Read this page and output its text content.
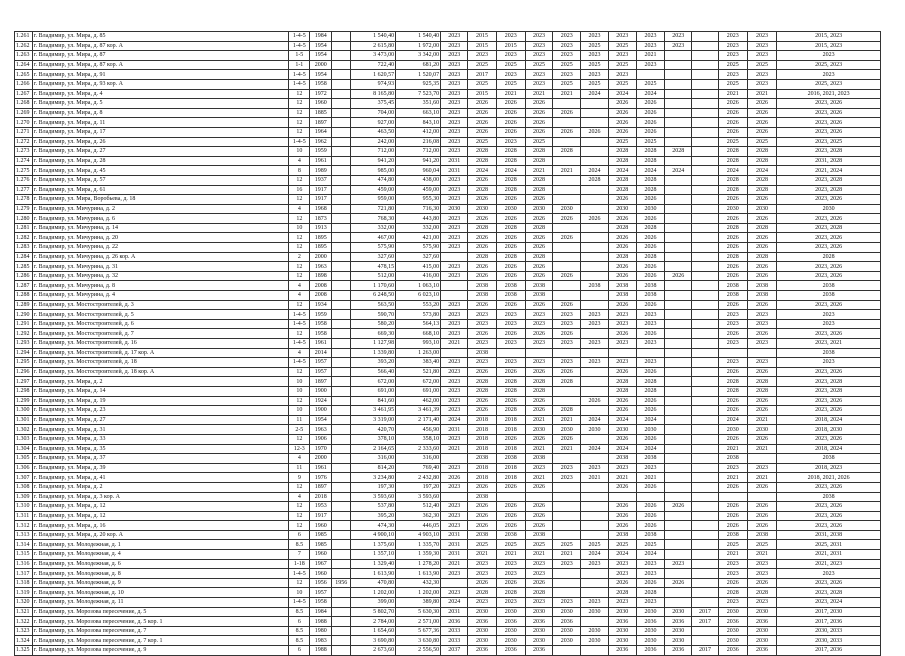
1.261	г. Владимир, ул. Мира, д. 85	1-4-5	1984		1 540,40	1 540,40	2023	2015	2023	2023	2023	2023	2023	2023	2023		2023	2023	2015, 2023
1.262	г. Владимир, ул. Мира, д. 87 кор. А	1-4-5	1954		2 615,80	1 972,00	2023	2015	2015	2023	2023	2025	2025	2023	2023		2023	2023	2015, 2023
1.263	г. Владимир, ул. Мира, д. 87	1-5	1954		3 473,00	3 342,00	2023	2023	2023	2023	2023	2023	2023	2021			2023	2023	2023
1.264	г. Владимир, ул. Мира, д. 87 кор. А	1-1	2000		722,40	681,20	2023	2025	2025	2025	2025	2025	2025	2023			2025	2025	2025, 2023
1.265	г. Владимир, ул. Мира, д. 91	1-4-5	1954		1 620,57	1 520,07	2023	2017	2023	2023	2023	2023	2023				2023	2023	2023
1.266	г. Владимир, ул. Мира, д. 93 кор. А	1-4-5	1958		974,93	925,35	2023	2025	2025	2023	2025	2025	2025	2025			2025	2023	2025, 2023
1.267	г. Владимир, ул. Мира, д. 4	12	1972		8 165,80	7 523,70	2023	2015	2021	2021	2021	2024	2024	2024			2021	2021	2016, 2021, 2023
1.268	г. Владимир, ул. Мира, д. 5	12	1960		375,45	351,60	2023	2026	2026	2026			2026	2026			2026	2026	2023, 2026
1.269	г. Владимир, ул. Мира, д. 8	12	1885		704,00	663,10	2023	2026	2026	2026	2026		2026	2026			2026	2026	2023, 2026
1.270	г. Владимир, ул. Мира, д. 11	12	1897		927,00	843,10	2023	2026	2026	2026			2026	2026			2026	2026	2023, 2026
1.271	г. Владимир, ул. Мира, д. 17	12	1964		463,50	412,00	2023	2026	2026	2026	2026	2026	2026	2026			2026	2026	2023, 2026
1.272	г. Владимир, ул. Мира, д. 26	1-4-5	1962		242,00	216,08	2023	2025	2023	2025			2025	2025			2025	2025	2023, 2025
1.273	г. Владимир, ул. Мира, д. 27	10	1959		712,00	712,00	2023	2028	2028	2028	2028		2028	2028	2028		2028	2028	2023, 2028
1.274	г. Владимир, ул. Мира, д. 28	4	1961		941,20	941,20	2031	2028	2028	2028			2028	2028			2028	2028	2031, 2028
1.275	г. Владимир, ул. Мира, д. 45	8	1989		985,00	960,04	2031	2024	2024	2021	2021	2024	2024	2024	2024		2024	2024	2021, 2024
1.276	г. Владимир, ул. Мира, д. 57	12	1937		474,80	438,00	2023	2026	2028	2028		2028	2028	2028			2028	2028	2023, 2028
1.277	г. Владимир, ул. Мира, д. 61	16	1917		459,00	459,00	2023	2028	2028	2028			2028	2028			2028	2028	2023, 2028
1.278	г. Владимир, ул. Мира, Воробьева, д. 18	12	1917		959,00	955,30	2023	2026	2026	2026			2026	2026			2026	2026	2023, 2026
1.279	г. Владимир, ул. Мичурина, д. 2	4	1968		721,80	716,30	2030	2030	2030	2030	2030		2030	2030			2030	2030	2030
1.280	г. Владимир, ул. Мичурина, д. 6	12	1873		768,30	443,80	2023	2026	2026	2026	2026	2026	2026	2026			2026	2026	2023, 2026
1.281	г. Владимир, ул. Мичурина, д. 14	10	1913		332,00	332,00	2023	2028	2028	2028			2028	2028			2028	2028	2023, 2028
1.282	г. Владимир, ул. Мичурина, д. 20	12	1895		467,00	421,00	2023	2026	2026	2026	2026		2026	2026			2026	2026	2023, 2026
1.283	г. Владимир, ул. Мичурина, д. 22	12	1895		575,90	575,90	2023	2026	2026	2026			2026	2026			2026	2026	2023, 2026
1.284	г. Владимир, ул. Мичурина, д. 26 кор. А	2	2000		327,60	327,60		2028	2028	2028			2028	2028			2028	2028	2028
1.285	г. Владимир, ул. Мичурина, д. 31	12	1963		478,15	415,00	2023	2026	2026	2026			2026	2026			2026	2026	2023, 2026
1.286	г. Владимир, ул. Мичурина, д. 32	12	1898		512,00	416,00	2023	2026	2026	2026	2026		2026	2026	2026		2026	2026	2023, 2026
1.287	г. Владимир, ул. Мичурина, д. 8	4	2008		1 170,60	1 063,10		2038	2038	2038		2038	2038	2038			2038	2038	2038
1.288	г. Владимир, ул. Мичурина, д. 4	4	2008		6 248,50	6 023,10		2038	2038	2038			2038	2038			2038	2038	2038
1.289	г. Владимир, ул. Мостостроителей, д. 3	12	1934		563,50	553,20	2023	2026	2026	2026	2026		2026	2026			2026	2026	2023, 2026
1.290	г. Владимир, ул. Мостостроителей, д. 5	1-4-5	1959		590,70	573,80	2023	2023	2023	2023	2023	2023	2023	2023			2023	2023	2023
1.291	г. Владимир, ул. Мостостроителей, д. 6	1-4-5	1958		580,20	564,13	2023	2023	2023	2023	2023	2023	2023	2023			2023	2023	2023
1.292	г. Владимир, ул. Мостостроителей, д. 7	12	1958		669,30	668,10	2023	2026	2026	2026	2026		2026	2026			2026	2026	2023, 2026
1.293	г. Владимир, ул. Мостостроителей, д. 16	1-4-5	1961		1 127,98	993,10	2021	2023	2023	2023	2023	2023	2023	2023			2023	2023	2023, 2021
1.294	г. Владимир, ул. Мостостроителей, д. 17 кор. А	4	2014		1 339,80	1 263,00		2038											2038
1.295	г. Владимир, ул. Мостостроителей, д. 18	1-4-5	1957		393,20	383,40	2023	2023	2023	2023	2023	2023	2023	2023			2023	2023	2023
1.296	г. Владимир, ул. Мостостроителей, д. 18 кор. А	12	1957		566,40	521,80	2023	2026	2026	2026	2026		2026	2026			2026	2026	2023, 2026
1.297	г. Владимир, ул. Мира, д. 2	10	1897		672,00	672,00	2023	2028	2028	2028	2028		2028	2028			2028	2028	2023, 2028
1.298	г. Владимир, ул. Мира, д. 14	10	1900		691,00	691,00	2023	2028	2028	2028			2028	2028			2028	2028	2023, 2028
1.299	г. Владимир, ул. Мира, д. 19	12	1924		841,60	462,00	2023	2026	2026	2026		2026	2026	2026			2026	2026	2023, 2026
1.300	г. Владимир, ул. Мира, д. 23	10	1900		3 461,95	3 461,39	2023	2026	2028	2026	2028		2026	2026			2026	2026	2023, 2026
1.301	г. Владимир, ул. Мира, д. 27	11	1954		3 319,00	2 171,40	2024	2018	2018	2021	2021	2024	2024	2024			2024	2021	2018, 2024
1.302	г. Владимир, ул. Мира, д. 31	2-5	1963		420,70	456,90	2031	2018	2018	2030	2030	2030	2030	2030			2030	2030	2018, 2030
1.303	г. Владимир, ул. Мира, д. 33	12	1906		378,10	358,10	2023	2018	2026	2026	2026		2026	2026			2026	2026	2023, 2026
1.304	г. Владимир, ул. Мира, д. 35	12-3	1970		2 164,65	2 333,60	2021	2018	2018	2021	2021	2024	2024	2024			2021	2021	2018, 2024
1.305	г. Владимир, ул. Мира, д. 37	4	2000		316,00	316,00		2038	2038	2038			2038	2038			2038		2038
1.306	г. Владимир, ул. Мира, д. 39	11	1961		814,20	769,40	2023	2018	2018	2023	2023	2023	2023	2023			2023	2023	2018, 2023
1.307	г. Владимир, ул. Мира, д. 41	9	1976		3 234,80	2 432,80	2026	2018	2018	2021	2023	2021	2021	2021			2021	2021	2018, 2021, 2026
1.308	г. Владимир, ул. Мира, д. 2	12	1897		197,30	197,20	2023	2026	2026	2026			2026	2026			2026	2026	2023, 2026
1.309	г. Владимир, ул. Мира, д. 3 кор. А	4	2018		3 593,60	3 593,60		2038											2038
1.310	г. Владимир, ул. Мира, д. 12	12	1953		537,80	512,40	2023	2026	2026	2026			2026	2026	2026		2026	2026	2023, 2026
1.311	г. Владимир, ул. Мира, д. 12	12	1917		395,20	362,30	2023	2026	2026	2026			2026	2026			2026	2026	2023, 2026
1.312	г. Владимир, ул. Мира, д. 16	12	1960		474,30	446,05	2023	2026	2026	2026			2026	2026			2026	2026	2023, 2026
1.313	г. Владимир, ул. Мира, д. 20 кор. А	6	1985		4 900,10	4 903,10	2031	2038	2038	2038			2038	2038			2038	2038	2031, 2038
1.314	г. Владимир, ул. Молодежная, д. 1	8.5	1985		1 375,60	1 335,70	2031	2025	2025	2025	2025	2025	2025	2025			2025	2025	2025, 2031
1.315	г. Владимир, ул. Молодежная, д. 4	7	1960		1 357,10	1 359,30	2031	2021	2021	2021	2021	2024	2024	2024			2021	2021	2021, 2031
1.316	г. Владимир, ул. Молодежная, д. 6	1-18	1967		1 329,40	1 278,20	2021	2023	2023	2023	2023	2023	2023	2023	2023		2023	2023	2021, 2023
1.317	г. Владимир, ул. Молодежная, д. 8	1-4-5	1960		1 613,90	1 613,90	2023	2023	2023	2023			2023	2023			2023	2023	2023
1.318	г. Владимир, ул. Молодежная, д. 9	12	1956	1956	470,80	432,30		2026	2026	2026			2026	2026	2026		2026	2026	2023, 2026
1.319	г. Владимир, ул. Молодежная, д. 10	10	1957		1 202,00	1 202,00	2023	2028	2028	2028			2028	2028			2028	2028	2023, 2028
1.320	г. Владимир, ул. Молодежная, д. 11	1-4-5	1958		399,00	389,80	2024	2023	2023	2023	2023	2023	2023	2023			2023	2023	2023, 2024
1.321	г. Владимир, ул. Морозова пересечение, д. 5	8.5	1984		5 802,70	5 630,30	2031	2030	2030	2030	2030	2030	2030	2030	2030	2017	2030	2030	2017, 2030
1.322	г. Владимир, ул. Морозова пересечение, д. 5 кор. 1	6	1988		2 784,00	2 571,00	2036	2036	2036	2036	2036		2036	2036	2036	2017	2036	2036	2017, 2036
1.323	г. Владимир, ул. Морозова пересечение, д. 7	8.5	1980		1 654,60	5 677,36	2033	2030	2030	2030	2030	2030	2030	2030	2030		2030	2030	2030, 2033
1.324	г. Владимир, ул. Морозова пересечение, д. 7 кор. 1	8.5	1983		3 690,80	3 630,80	2033	2030	2030	2030	2030	2030	2030	2030	2030		2030	2030	2030, 2033
1.325	г. Владимир, ул. Морозова пересечение, д. 9	6	1988		2 673,60	2 556,50	2037	2036	2036	2036			2036	2036	2036	2017	2036	2036	2017, 2036
